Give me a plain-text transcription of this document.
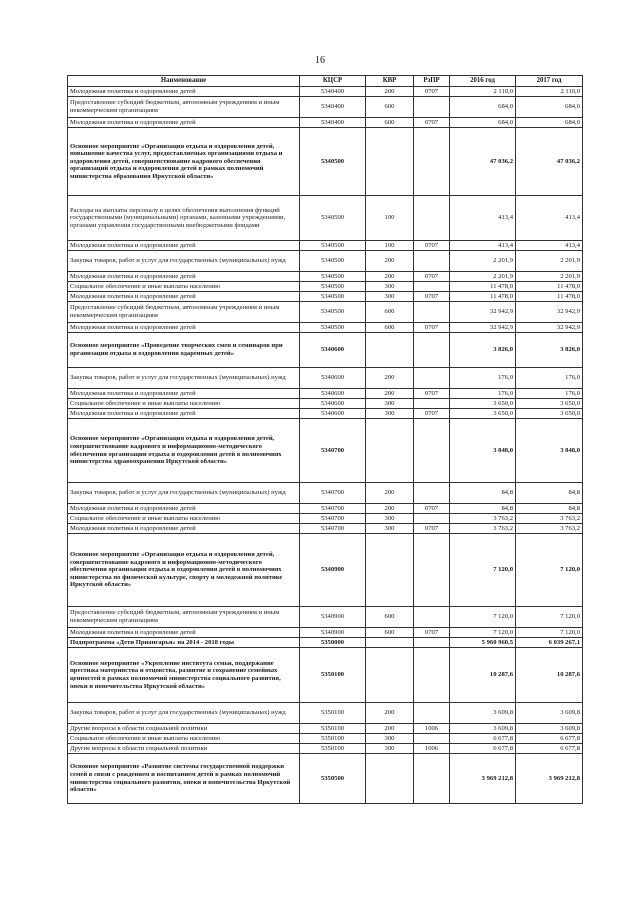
16
Наименование	КЦСР	КВР	РзПР	2016 год	2017 год
Молодежная политика и оздоровление детей	5340400	200	0707	2 110,0	2 110,0
Предоставление субсидий бюджетным, автономным учреждениям и иным некоммерческим организациям	5340400	600		684,0	684,0
Молодежная политика и оздоровление детей	5340400	600	0707	684,0	684,0
Основное мероприятие «Организация отдыха и оздоровления детей, повышение качества услуг, предоставляемых организациями отдыха и оздоровления детей, совершенствование кадрового обеспечения организаций отдыха и оздоровления детей в рамках полномочий министерства образования Иркутской области»	5340500			47 036,2	47 036,2
Расходы на выплаты персоналу в целях обеспечения выполнения функций государственными (муниципальными) органами, казенными учреждениями, органами управления государственными внебюджетными фондами	5340500	100		413,4	413,4
Молодежная политика и оздоровление детей	5340500	100	0707	413,4	413,4
Закупка товаров, работ и услуг для государственных (муниципальных) нужд	5340500	200		2 201,9	2 201,9
Молодежная политика и оздоровление детей	5340500	200	0707	2 201,9	2 201,9
Социальное обеспечение и иные выплаты населению	5340500	300		11 478,0	11 478,0
Молодежная политика и оздоровление детей	5340500	300	0707	11 478,0	11 478,0
Предоставление субсидий бюджетным, автономным учреждениям и иным некоммерческим организациям	5340500	600		32 942,9	32 942,9
Молодежная политика и оздоровление детей	5340500	600	0707	32 942,9	32 942,9
Основное мероприятие «Проведение творческих смен и семинаров при организации отдыха и оздоровления одаренных детей»	5340600			3 826,0	3 826,0
Закупка товаров, работ и услуг для государственных (муниципальных) нужд	5340600	200		176,0	176,0
Молодежная политика и оздоровление детей	5340600	200	0707	176,0	176,0
Социальное обеспечение и иные выплаты населению	5340600	300		3 650,0	3 650,0
Молодежная политика и оздоровление детей	5340600	300	0707	3 650,0	3 650,0
Основное мероприятие «Организация отдыха и оздоровления детей, совершенствование кадрового и информационно-методического обеспечения организации отдыха и оздоровления детей в полномочиях министерства здравоохранения Иркутской области»	5340700			3 848,0	3 848,0
Закупка товаров, работ и услуг для государственных (муниципальных) нужд	5340700	200		84,8	84,8
Молодежная политика и оздоровление детей	5340700	200	0707	84,8	84,8
Социальное обеспечение и иные выплаты населению	5340700	300		3 763,2	3 763,2
Молодежная политика и оздоровление детей	5340700	300	0707	3 763,2	3 763,2
Основное мероприятие «Организация отдыха и оздоровления детей, совершенствование кадрового и информационно-методического обеспечения организации отдыха и оздоровления детей в полномочиях министерства по физической культуре, спорту и молодежной политике Иркутской области»	5340900			7 120,0	7 120,0
Предоставление субсидий бюджетным, автономным учреждениям и иным некоммерческим организациям	5340900	600		7 120,0	7 120,0
Молодежная политика и оздоровление детей	5340900	600	0707	7 120,0	7 120,0
Подпрограмма «Дети Приангарья» на 2014 - 2018 годы	5350000			5 960 960,5	6 039 267,1
Основное мероприятие «Укрепление института семьи, поддержание престижа материнства и отцовства, развитие и сохранение семейных ценностей в рамках полномочий министерства социального развития, опеки и попечительства Иркутской области»	5350100			10 287,6	10 287,6
Закупка товаров, работ и услуг для государственных (муниципальных) нужд	5350100	200		3 609,8	3 609,8
Другие вопросы в области социальной политики	5350100	200	1006	3 609,8	3 609,8
Социальное обеспечение и иные выплаты населению	5350100	300		6 677,8	6 677,8
Другие вопросы в области социальной политики	5350100	300	1006	6 677,8	6 677,8
Основное мероприятие «Развитие системы государственной поддержки семей в связи с рождением и воспитанием детей в рамках полномочий министерства социального развития, опеки и попечительства Иркутской области»	5350500			3 969 212,8	3 969 212,8
